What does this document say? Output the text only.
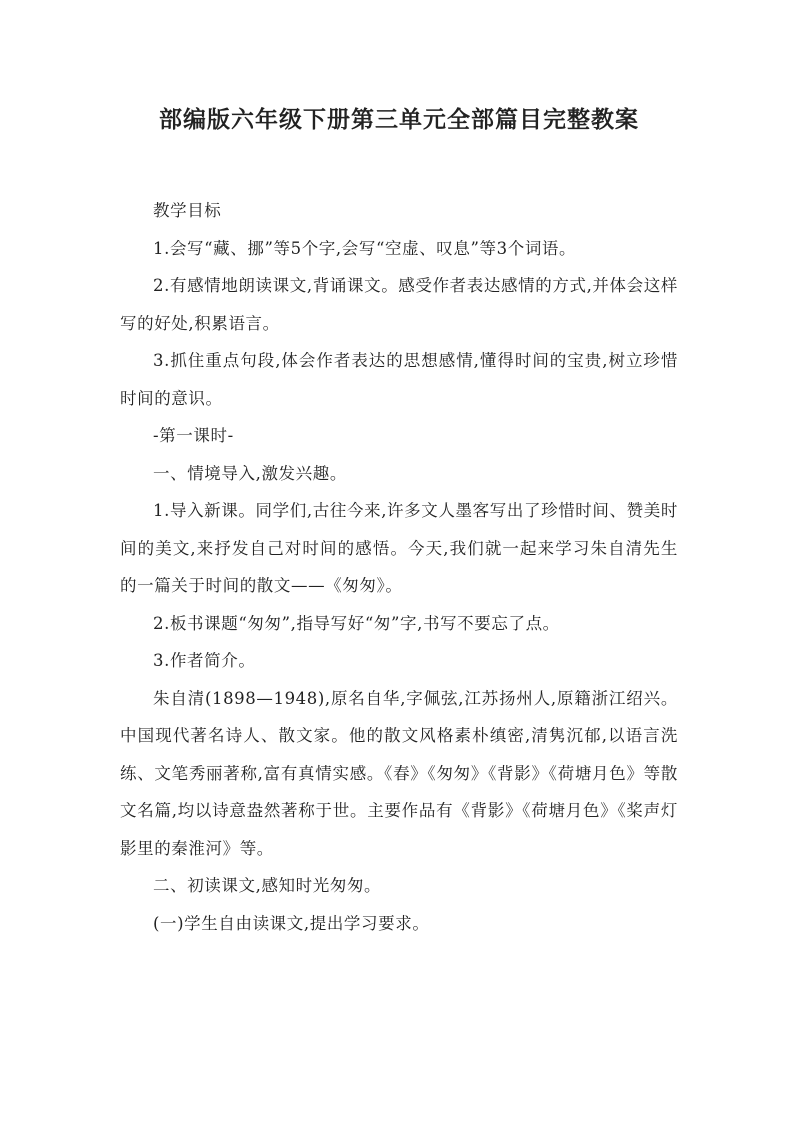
部编版六年级下册第三单元全部篇目完整教案

教学目标

1.会写“藏、挪”等5个字,会写“空虚、叹息”等3个词语。

2.有感情地朗读课文,背诵课文。感受作者表达感情的方式,并体会这样写的好处,积累语言。

3.抓住重点句段,体会作者表达的思想感情,懂得时间的宝贵,树立珍惜时间的意识。

-第一课时-

一、情境导入,激发兴趣。

1.导入新课。同学们,古往今来,许多文人墨客写出了珍惜时间、赞美时间的美文,来抒发自己对时间的感悟。今天,我们就一起来学习朱自清先生的一篇关于时间的散文——《匆匆》。

2.板书课题“匆匆”,指导写好“匆”字,书写不要忘了点。

3.作者简介。

朱自清(1898—1948),原名自华,字佩弦,江苏扬州人,原籍浙江绍兴。中国现代著名诗人、散文家。他的散文风格素朴缜密,清隽沉郁,以语言洗练、文笔秀丽著称,富有真情实感。《春》《匆匆》《背影》《荷塘月色》等散文名篇,均以诗意盎然著称于世。主要作品有《背影》《荷塘月色》《桨声灯影里的秦淮河》等。

二、初读课文,感知时光匆匆。

(一)学生自由读课文,提出学习要求。
